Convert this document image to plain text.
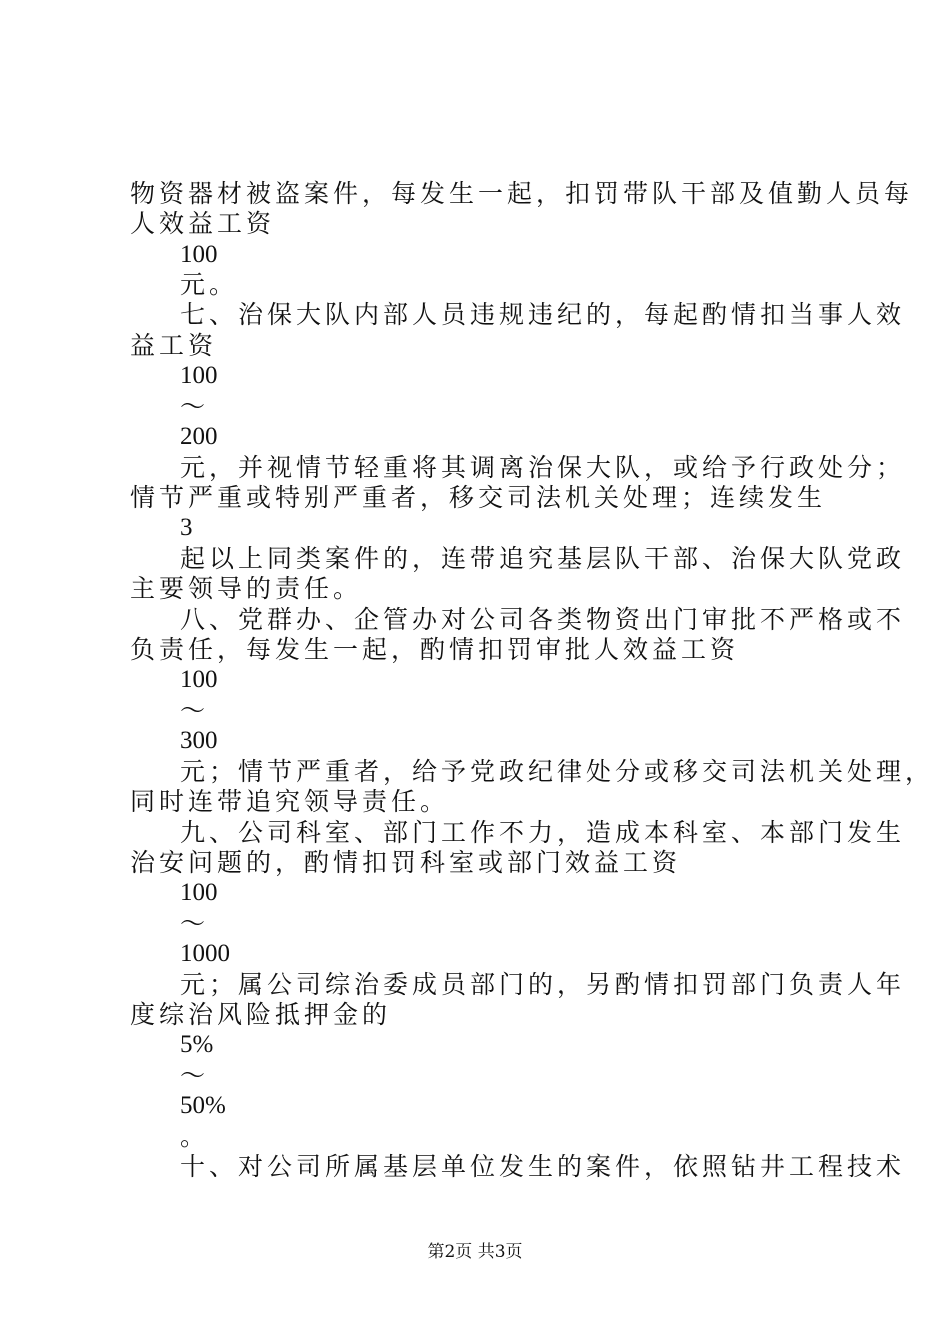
物资器材被盗案件，每发生一起，扣罚带队干部及值勤人员每
人效益工资
100
元。
七、治保大队内部人员违规违纪的，每起酌情扣当事人效
益工资
100
～
200
元，并视情节轻重将其调离治保大队，或给予行政处分；
情节严重或特别严重者，移交司法机关处理；连续发生
3
起以上同类案件的，连带追究基层队干部、治保大队党政
主要领导的责任。
八、党群办、企管办对公司各类物资出门审批不严格或不
负责任，每发生一起，酌情扣罚审批人效益工资
100
～
300
元；情节严重者，给予党政纪律处分或移交司法机关处理，
同时连带追究领导责任。
九、公司科室、部门工作不力，造成本科室、本部门发生
治安问题的，酌情扣罚科室或部门效益工资
100
～
1000
元；属公司综治委成员部门的，另酌情扣罚部门负责人年
度综治风险抵押金的
5%
～
50%
。
十、对公司所属基层单位发生的案件，依照钻井工程技术
第2页 共3页
